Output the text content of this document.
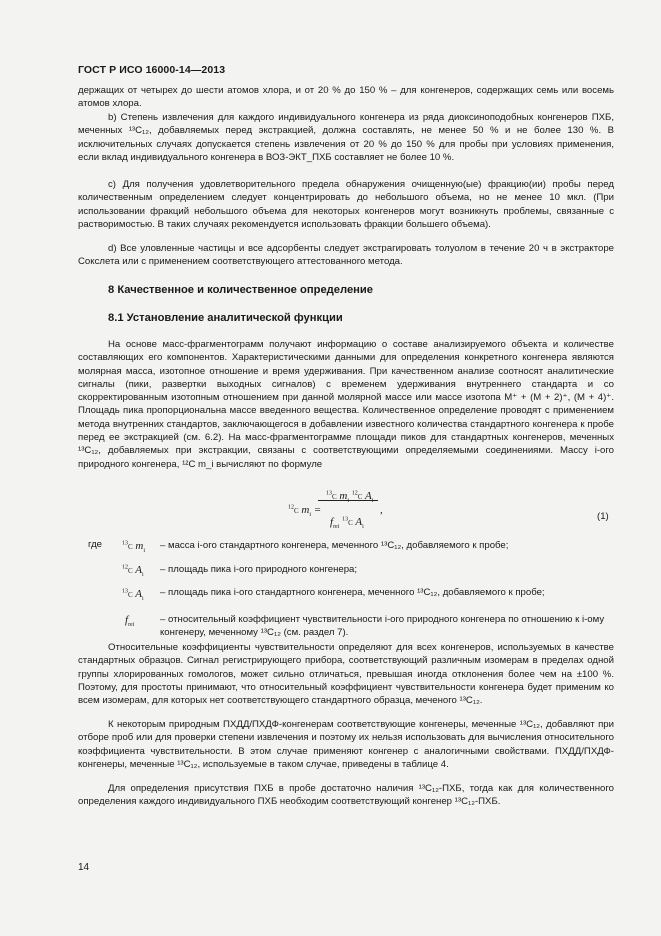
ГОСТ Р ИСО 16000-14—2013
держащих от четырех до шести атомов хлора, и от 20 % до 150 % – для конгенеров, содержащих семь или восемь атомов хлора.
b) Степень извлечения для каждого индивидуального конгенера из ряда диоксиноподобных конгенеров ПХБ, меченных ¹³C₁₂, добавляемых перед экстракцией, должна составлять, не менее 50 % и не более 130 %. В исключительных случаях допускается степень извлечения от 20 % до 150 % для пробы при условиях применения, если вклад индивидуального конгенера в ВОЗ-ЭКТ_ПХБ составляет не более 10 %.
c) Для получения удовлетворительного предела обнаружения очищенную(ые) фракцию(ии) пробы перед количественным определением следует концентрировать до небольшого объема, но не менее 10 мкл. (При использовании фракций небольшого объема для некоторых конгенеров могут возникнуть проблемы, связанные с растворимостью. В таких случаях рекомендуется использовать фракции большего объема).
d) Все уловленные частицы и все адсорбенты следует экстрагировать толуолом в течение 20 ч в экстракторе Сокслета или с применением соответствующего аттестованного метода.
8 Качественное и количественное определение
8.1 Установление аналитической функции
На основе масс-фрагментограмм получают информацию о составе анализируемого объекта и количестве составляющих его компонентов. Характеристическими данными для определения конкретного конгенера являются молярная масса, изотопное отношение и время удерживания. При качественном анализе соотносят аналитические сигналы (пики, развертки выходных сигналов) с временем удерживания внутреннего стандарта и со скорректированным изотопным отношением при данной молярной массе или массе изотопа M⁺ + (M + 2)⁺, (M + 4)⁺. Площадь пика пропорциональна массе введенного вещества. Количественное определение проводят с применением метода внутренних стандартов, заключающегося в добавлении известного количества стандартного конгенера к пробе перед ее экстракцией (см. 6.2). На масс-фрагментограмме площади пиков для стандартных конгенеров, меченных ¹³C₁₂, добавляемых при экстракции, связаны с соответствующими определяемыми соединениями. Массу i-ого природного конгенера, ¹²C m_i вычисляют по формуле
$^{12}$C $m_i$ =
$^{13}$C $m_i$ $^{12}$C $A_i$
$f_{rei}$ $^{13}$C $A_i$
,
(1)
где	$^{13}$C $m_i$
– масса i-ого стандартного конгенера, меченного ¹³C₁₂, добавляемого к пробе;
$^{12}$C $A_i$
– площадь пика i-ого природного конгенера;
$^{13}$C $A_i$
– площадь пика i-ого стандартного конгенера, меченного ¹³C₁₂, добавляемого к пробе;
$f_{rei}$
– относительный коэффициент чувствительности i-ого природного конгенера по отношению к i-ому конгенеру, меченному ¹³C₁₂ (см. раздел 7).
Относительные коэффициенты чувствительности определяют для всех конгенеров, используемых в качестве стандартных образцов. Сигнал регистрирующего прибора, соответствующий различным изомерам в пределах одной группы хлорированных гомологов, может сильно отличаться, превышая иногда отклонения более чем на ±100 %. Поэтому, для простоты принимают, что относительный коэффициент чувствительности конгенера будет применим ко всем изомерам, для которых нет соответствующего стандартного образца, меченого ¹³C₁₂.
К некоторым природным ПХДД/ПХДФ-конгенерам соответствующие конгенеры, меченные ¹³C₁₂, добавляют при отборе проб или для проверки степени извлечения и поэтому их нельзя использовать для вычисления относительного коэффициента чувствительности. В этом случае применяют конгенер с аналогичными свойствами. ПХДД/ПХДФ-конгенеры, меченные ¹³C₁₂, используемые в таком случае, приведены в таблице 4.
Для определения присутствия ПХБ в пробе достаточно наличия ¹³C₁₂-ПХБ, тогда как для количественного определения каждого индивидуального ПХБ необходим соответствующий конгенер ¹³C₁₂-ПХБ.
14
